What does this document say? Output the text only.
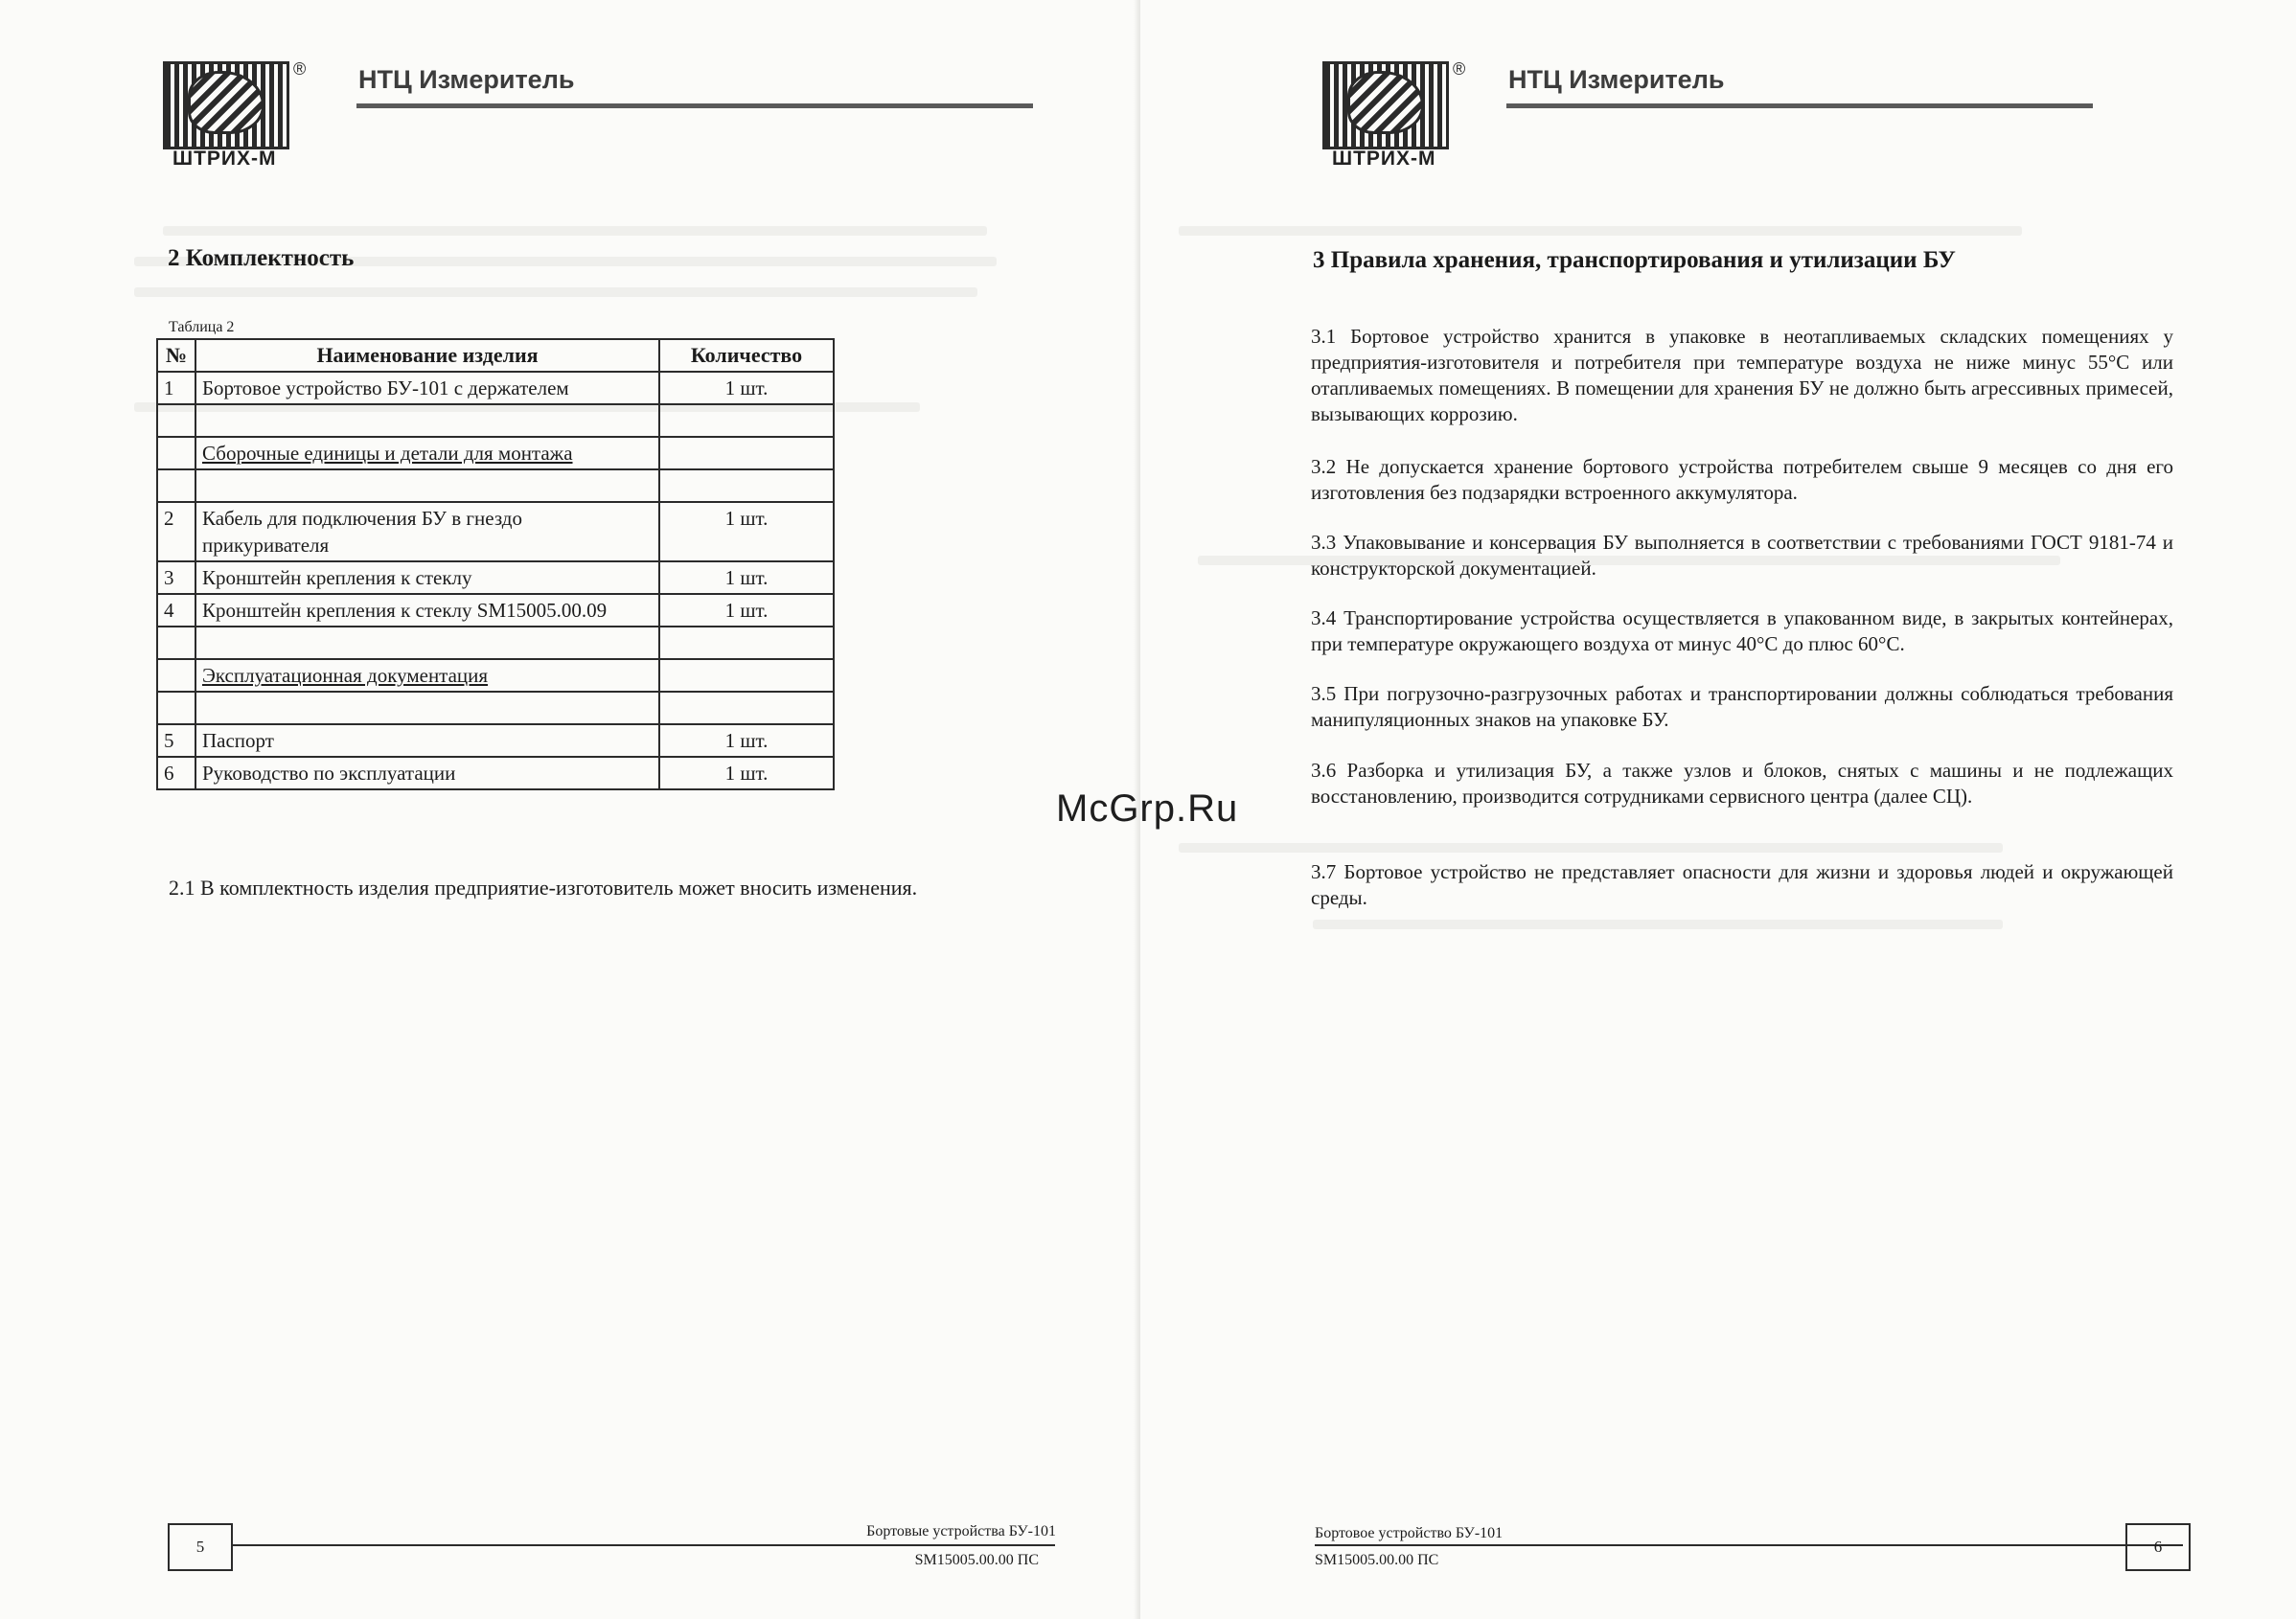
®
ШТРИХ-М
НТЦ Измеритель
2 Комплектность
Таблица 2
№	Наименование изделия	Количество
1	Бортовое устройство БУ-101 с держателем	1 шт.

	Сборочные единицы и детали для монтажа	

2	Кабель для подключения БУ в гнездо прикуривателя	1 шт.
3	Кронштейн крепления к стеклу	1 шт.
4	Кронштейн крепления к стеклу SM15005.00.09	1 шт.

	Эксплуатационная документация	

5	Паспорт	1 шт.
6	Руководство по эксплуатации	1 шт.
2.1 В комплектность изделия предприятие-изготовитель может вносить изменения.
5
Бортовые устройства БУ-101
SM15005.00.00 ПС
®
ШТРИХ-М
НТЦ Измеритель
3 Правила хранения, транспортирования и утилизации БУ
3.1 Бортовое устройство хранится в упаковке в неотапливаемых складских помещениях у предприятия-изготовителя и потребителя при температуре воздуха не ниже минус 55°С или отапливаемых помещениях. В помещении для хранения БУ не должно быть агрессивных примесей, вызывающих коррозию.
3.2 Не допускается хранение бортового устройства потребителем свыше 9 месяцев со дня его изготовления без подзарядки встроенного аккумулятора.
3.3 Упаковывание и консервация БУ выполняется в соответствии с требованиями ГОСТ 9181-74 и конструкторской документацией.
3.4 Транспортирование устройства осуществляется в упакованном виде, в закрытых контейнерах, при температуре окружающего воздуха от минус 40°С до плюс 60°С.
3.5 При погрузочно-разгрузочных работах и транспортировании должны соблюдаться требования манипуляционных знаков на упаковке БУ.
3.6 Разборка и утилизация БУ, а также узлов и блоков, снятых с машины и не подлежащих восстановлению, производится сотрудниками сервисного центра (далее СЦ).
3.7 Бортовое устройство не представляет опасности для жизни и здоровья людей и окружающей среды.
Бортовое устройство БУ-101
SM15005.00.00 ПС
6
McGrp.Ru
